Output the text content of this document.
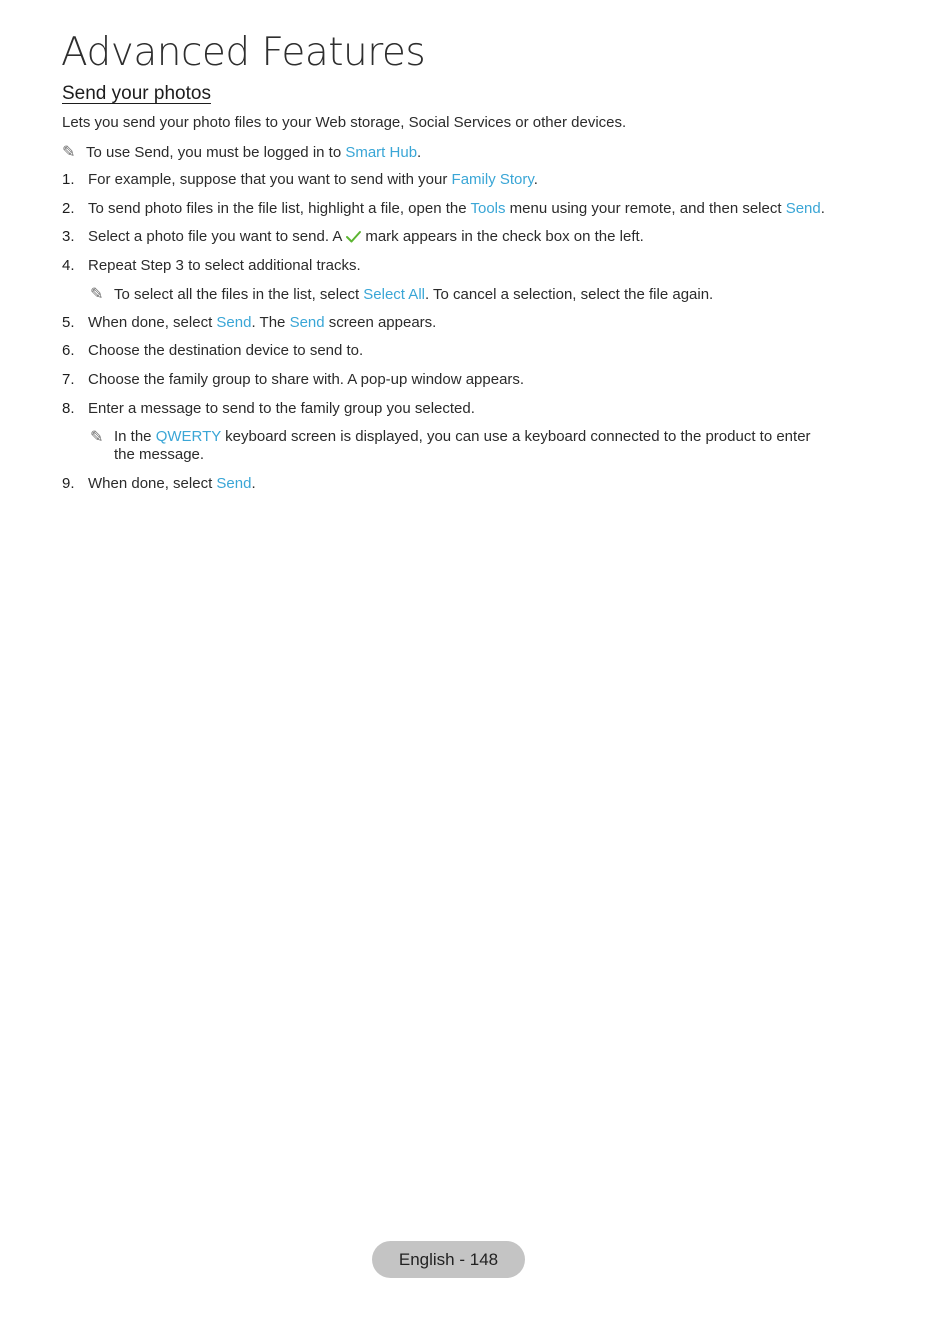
Advanced Features
Send your photos
Lets you send your photo files to your Web storage, Social Services or other devices.
✎ To use Send, you must be logged in to Smart Hub.
1. For example, suppose that you want to send with your Family Story.
2. To send photo files in the file list, highlight a file, open the Tools menu using your remote, and then select Send.
3. Select a photo file you want to send. A mark appears in the check box on the left.
4. Repeat Step 3 to select additional tracks.
✎ To select all the files in the list, select Select All. To cancel a selection, select the file again.
5. When done, select Send. The Send screen appears.
6. Choose the destination device to send to.
7. Choose the family group to share with. A pop-up window appears.
8. Enter a message to send to the family group you selected.
✎ In the QWERTY keyboard screen is displayed, you can use a keyboard connected to the product to enter the message.
9. When done, select Send.
English - 148
